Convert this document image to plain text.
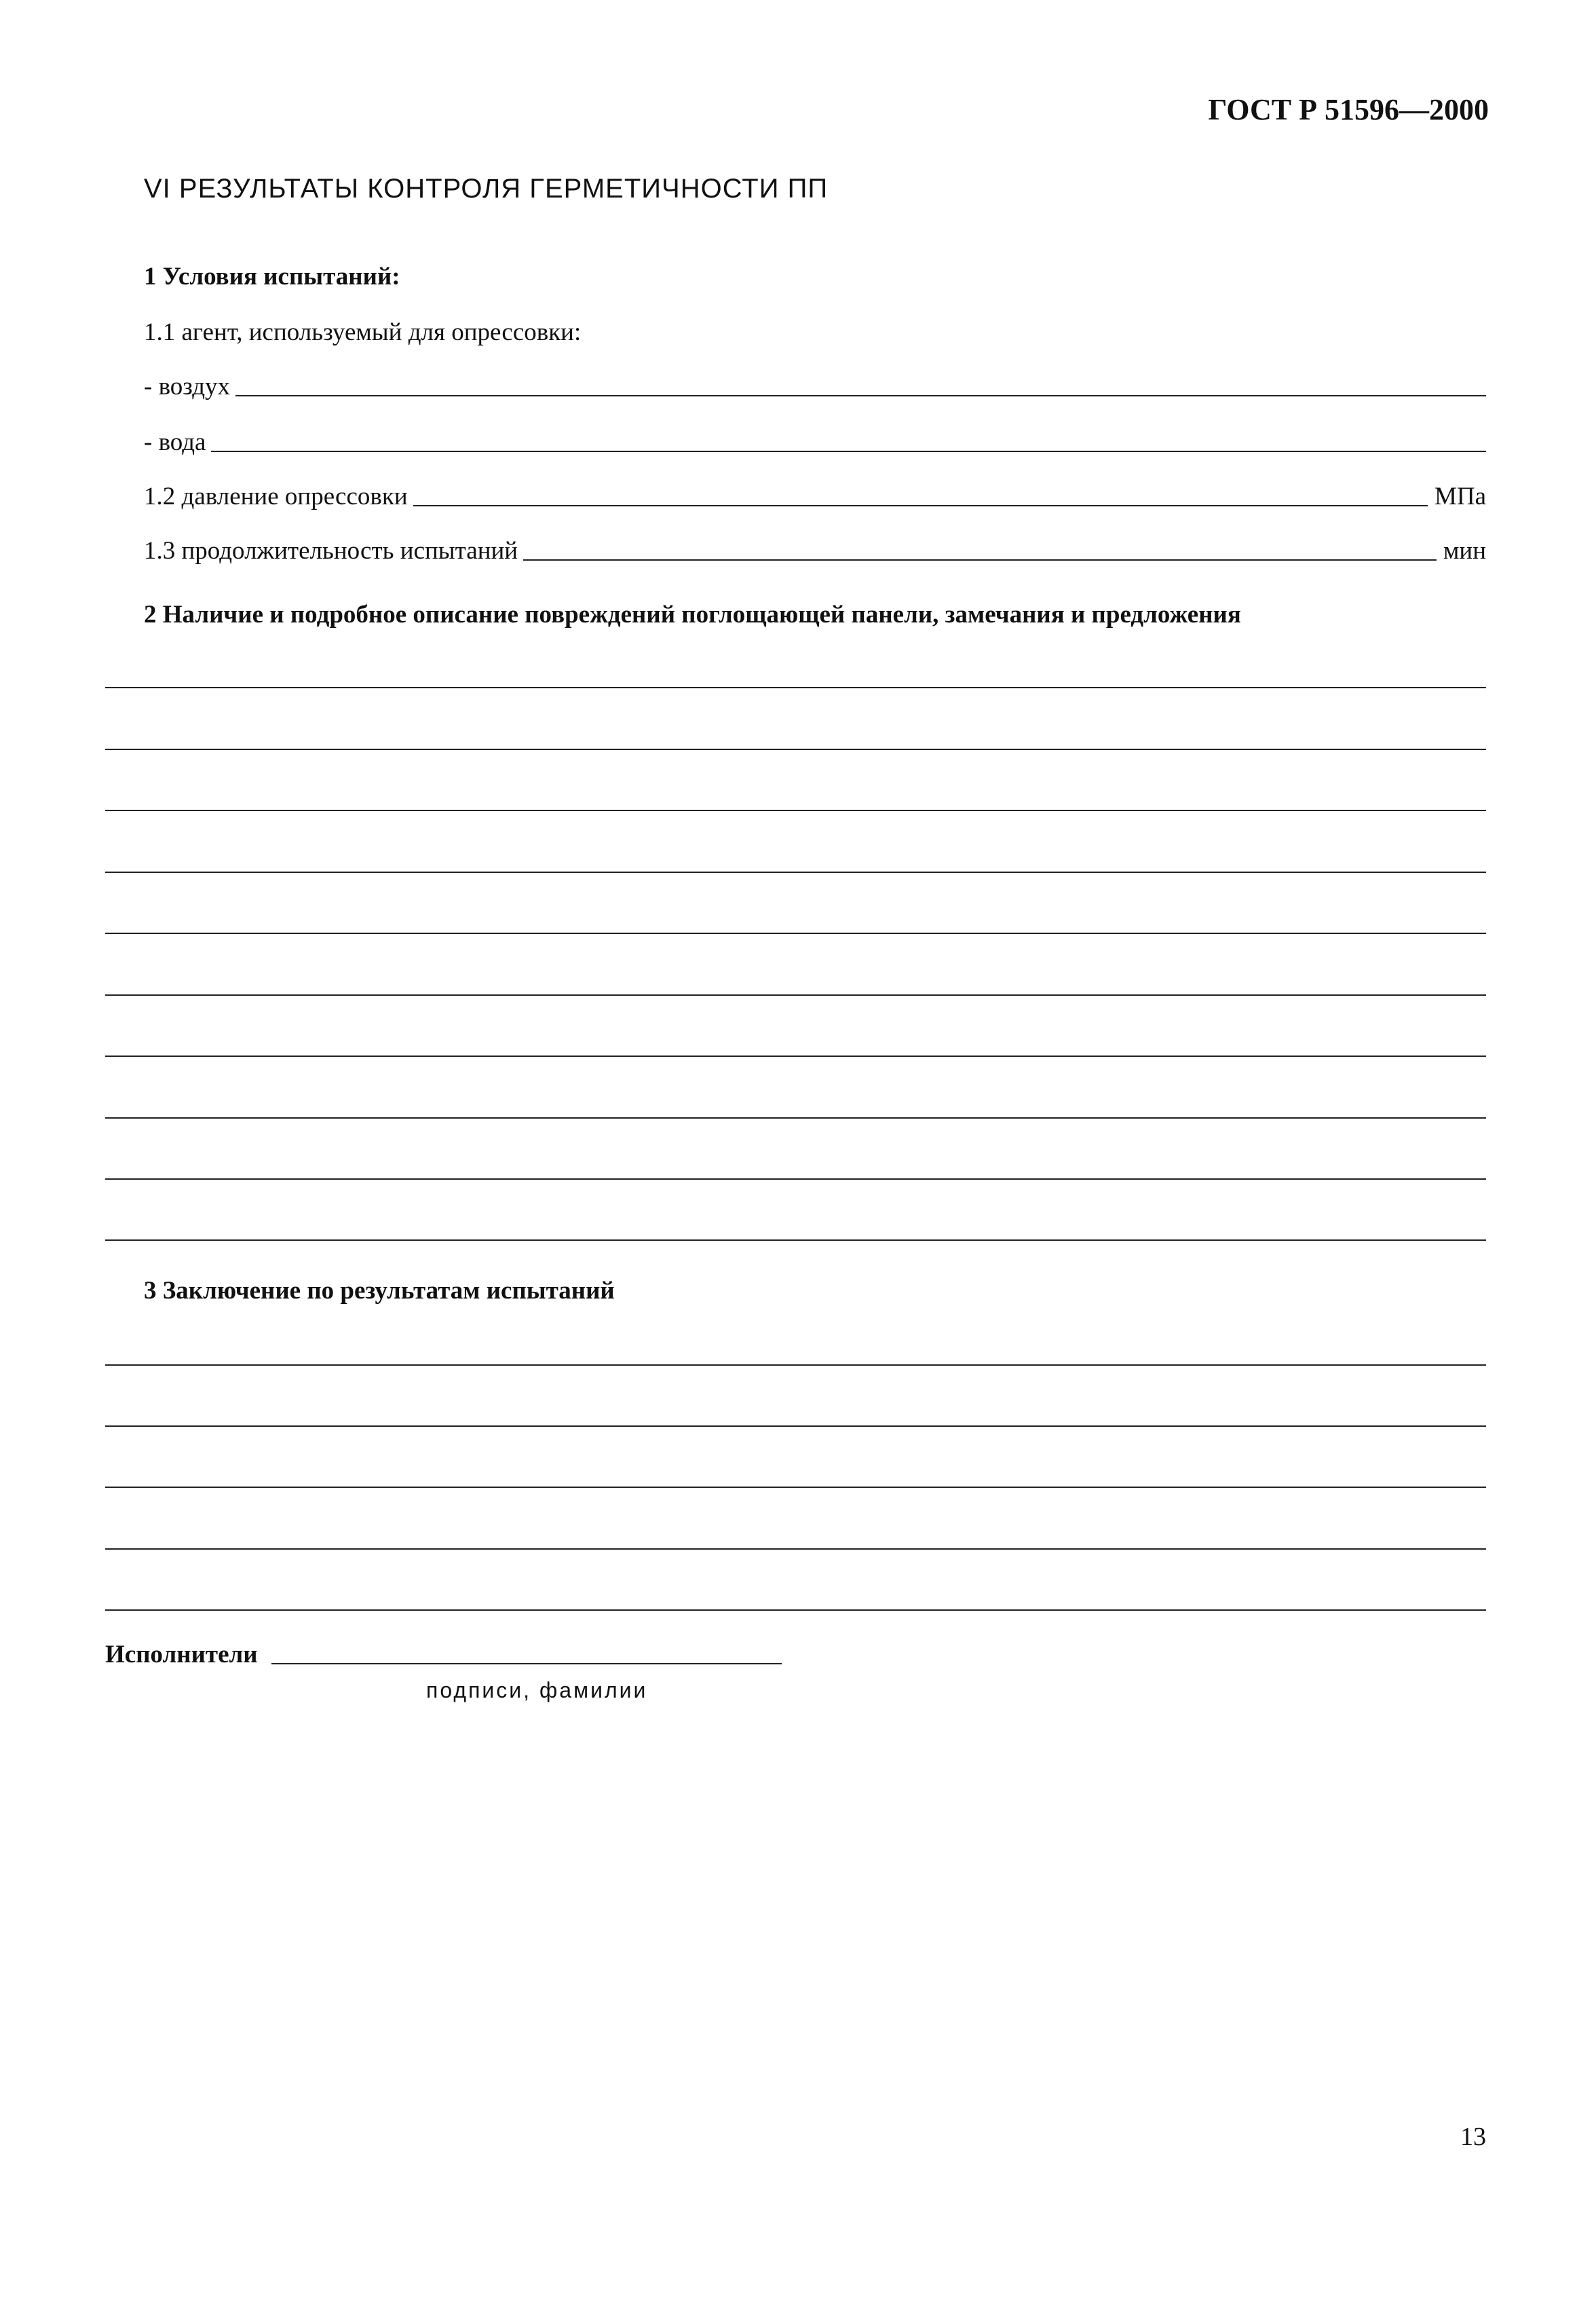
ГОСТ Р 51596—2000
VI РЕЗУЛЬТАТЫ КОНТРОЛЯ ГЕРМЕТИЧНОСТИ ПП
1 Условия испытаний:
1.1 агент, используемый для опрессовки:
- воздух
- вода
1.2 давление опрессовки	МПа
1.3 продолжительность испытаний	мин
2 Наличие и подробное описание повреждений поглощающей панели, замечания и предложения
3 Заключение по результатам испытаний
Исполнители
подписи, фамилии
13
